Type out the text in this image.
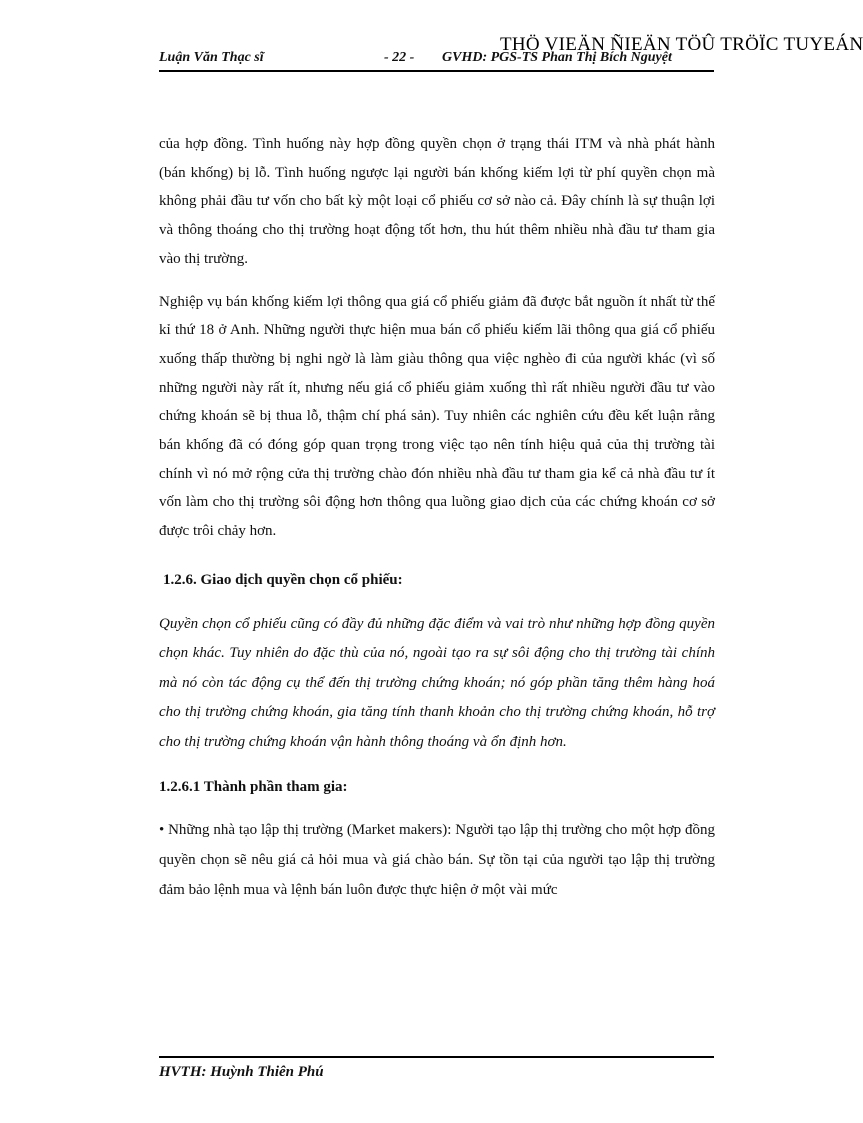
Luận Văn Thạc sĩ	- 22 - GVHD: PGS-TS Phan Thị Bích Nguyệt
THÖ VIEÄN ÑIEÄN TÖÛ TRÖÏC TUYEÁN

của hợp đồng. Tình huống này hợp đồng quyền chọn ở trạng thái ITM và nhà phát hành (bán khống) bị lỗ. Tình huống ngược lại người bán khống kiếm lợi từ phí quyền chọn mà không phải đầu tư vốn cho bất kỳ một loại cổ phiếu cơ sở nào cả. Đây chính là sự thuận lợi và thông thoáng cho thị trường hoạt động tốt hơn, thu hút thêm nhiều nhà đầu tư tham gia vào thị trường.

Nghiệp vụ bán khống kiếm lợi thông qua giá cổ phiếu giảm đã được bắt nguồn ít nhất từ thế kỉ thứ 18 ở Anh. Những người thực hiện mua bán cổ phiếu kiếm lãi thông qua giá cổ phiếu xuống thấp thường bị nghi ngờ là làm giàu thông qua việc nghèo đi của người khác (vì số những người này rất ít, nhưng nếu giá cổ phiếu giảm xuống thì rất nhiều người đầu tư vào chứng khoán sẽ bị thua lỗ, thậm chí phá sản). Tuy nhiên các nghiên cứu đều kết luận rằng bán khống đã có đóng góp quan trọng trong việc tạo nên tính hiệu quả của thị trường tài chính vì nó mở rộng cửa thị trường chào đón nhiều nhà đầu tư tham gia kể cả nhà đầu tư ít vốn làm cho thị trường sôi động hơn thông qua luồng giao dịch của các chứng khoán cơ sở được trôi chảy hơn.

1.2.6. Giao dịch quyền chọn cổ phiếu:

Quyền chọn cổ phiếu cũng có đầy đủ những đặc điểm và vai trò như những hợp đồng quyền chọn khác. Tuy nhiên do đặc thù của nó, ngoài tạo ra sự sôi động cho thị trường tài chính mà nó còn tác động cụ thể đến thị trường chứng khoán; nó góp phần tăng thêm hàng hoá cho thị trường chứng khoán, gia tăng tính thanh khoản cho thị trường chứng khoán, hỗ trợ cho thị trường chứng khoán vận hành thông thoáng và ổn định hơn.

1.2.6.1 Thành phần tham gia:

• Những nhà tạo lập thị trường (Market makers): Người tạo lập thị trường cho một hợp đồng quyền chọn sẽ nêu giá cả hỏi mua và giá chào bán. Sự tồn tại của người tạo lập thị trường đảm bảo lệnh mua và lệnh bán luôn được thực hiện ở một vài mức

HVTH: Huỳnh Thiên Phú
